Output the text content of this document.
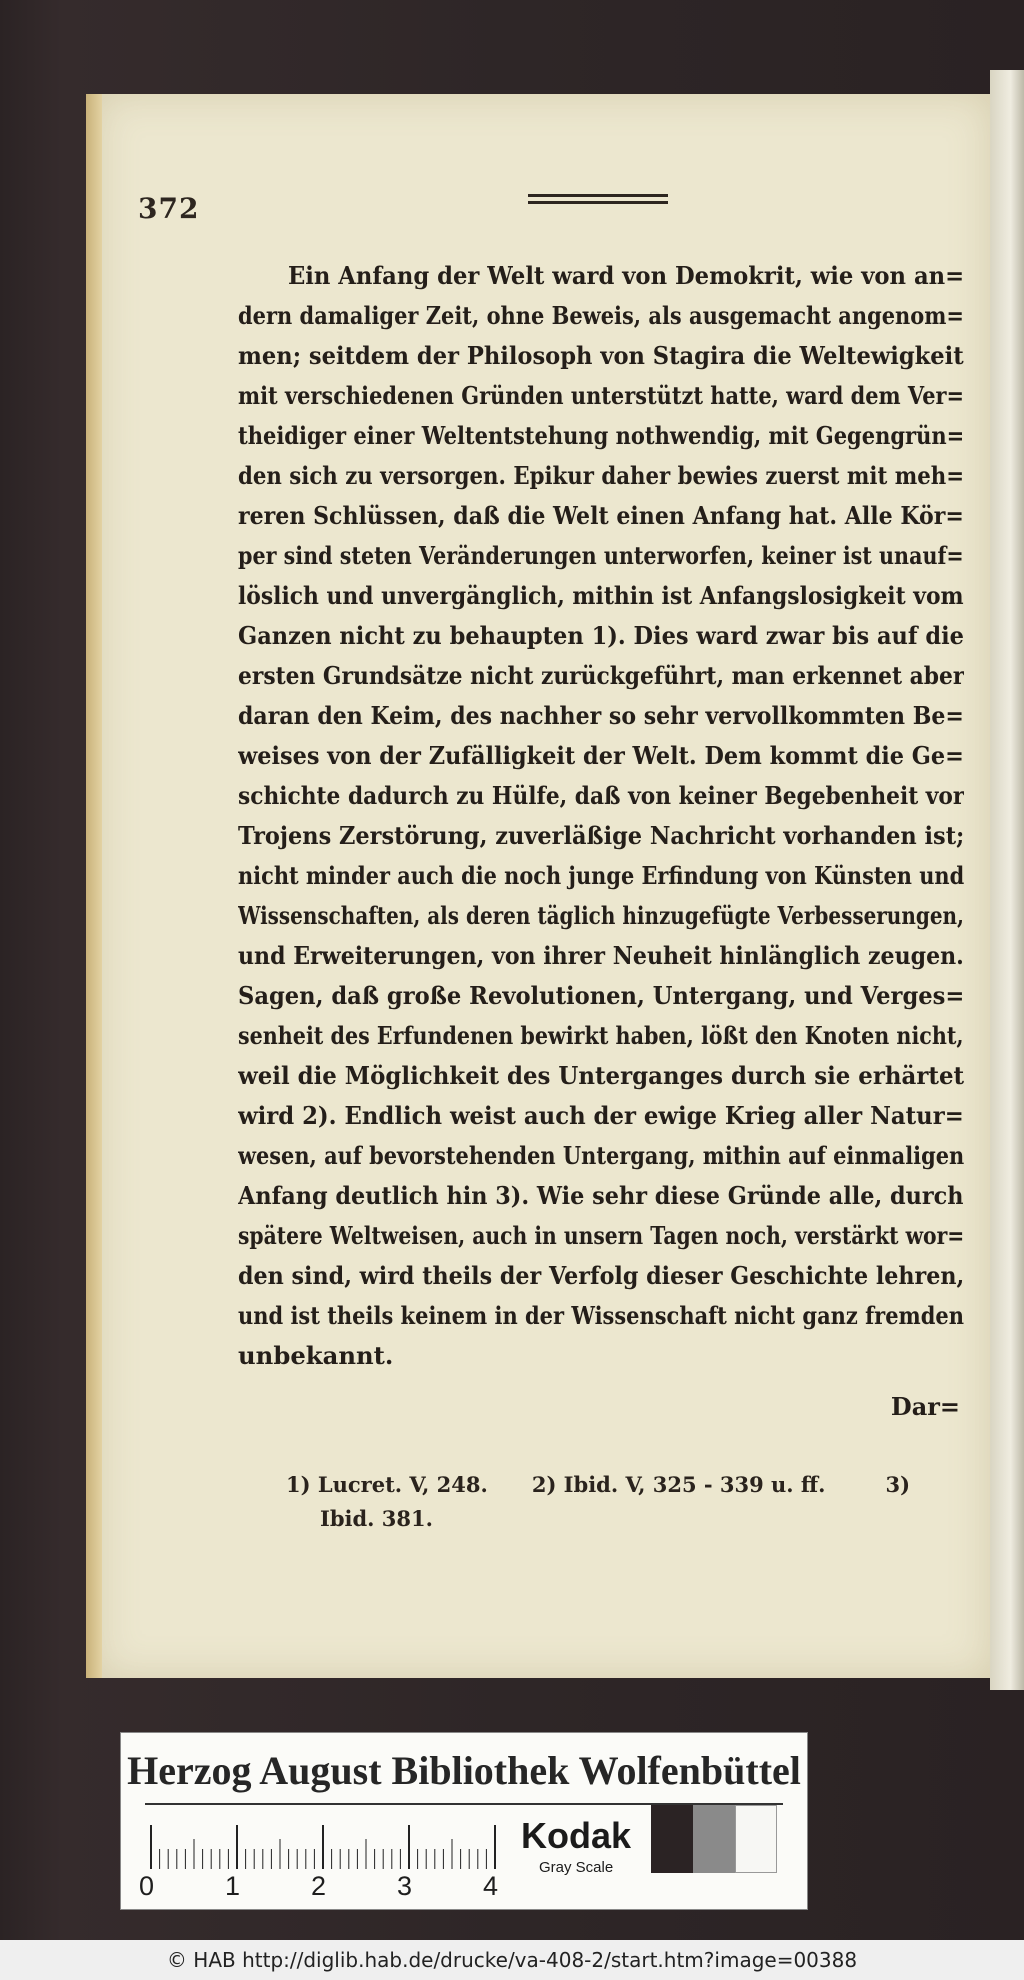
372
Ein Anfang der Welt ward von Demokrit, wie von an=
dern damaliger Zeit, ohne Beweis, als ausgemacht angenom=
men; seitdem der Philosoph von Stagira die Weltewigkeit
mit verschiedenen Gründen unterstützt hatte, ward dem Ver=
theidiger einer Weltentstehung nothwendig, mit Gegengrün=
den sich zu versorgen. Epikur daher bewies zuerst mit meh=
reren Schlüssen, daß die Welt einen Anfang hat. Alle Kör=
per sind steten Veränderungen unterworfen, keiner ist unauf=
löslich und unvergänglich, mithin ist Anfangslosigkeit vom
Ganzen nicht zu behaupten 1). Dies ward zwar bis auf die
ersten Grundsätze nicht zurückgeführt, man erkennet aber
daran den Keim, des nachher so sehr vervollkommten Be=
weises von der Zufälligkeit der Welt. Dem kommt die Ge=
schichte dadurch zu Hülfe, daß von keiner Begebenheit vor
Trojens Zerstörung, zuverläßige Nachricht vorhanden ist;
nicht minder auch die noch junge Erfindung von Künsten und
Wissenschaften, als deren täglich hinzugefügte Verbesserungen,
und Erweiterungen, von ihrer Neuheit hinlänglich zeugen.
Sagen, daß große Revolutionen, Untergang, und Verges=
senheit des Erfundenen bewirkt haben, lößt den Knoten nicht,
weil die Möglichkeit des Unterganges durch sie erhärtet
wird 2). Endlich weist auch der ewige Krieg aller Natur=
wesen, auf bevorstehenden Untergang, mithin auf einmaligen
Anfang deutlich hin 3). Wie sehr diese Gründe alle, durch
spätere Weltweisen, auch in unsern Tagen noch, verstärkt wor=
den sind, wird theils der Verfolg dieser Geschichte lehren,
und ist theils keinem in der Wissenschaft nicht ganz fremden
unbekannt.
Dar=
1) Lucret. V, 248. 2) Ibid. V, 325 - 339 u. ff.	3)
Ibid. 381.
Herzog August Bibliothek Wolfenbüttel
0	1	2	3	4
Kodak
Gray Scale
© HAB http://diglib.hab.de/drucke/va-408-2/start.htm?image=00388
